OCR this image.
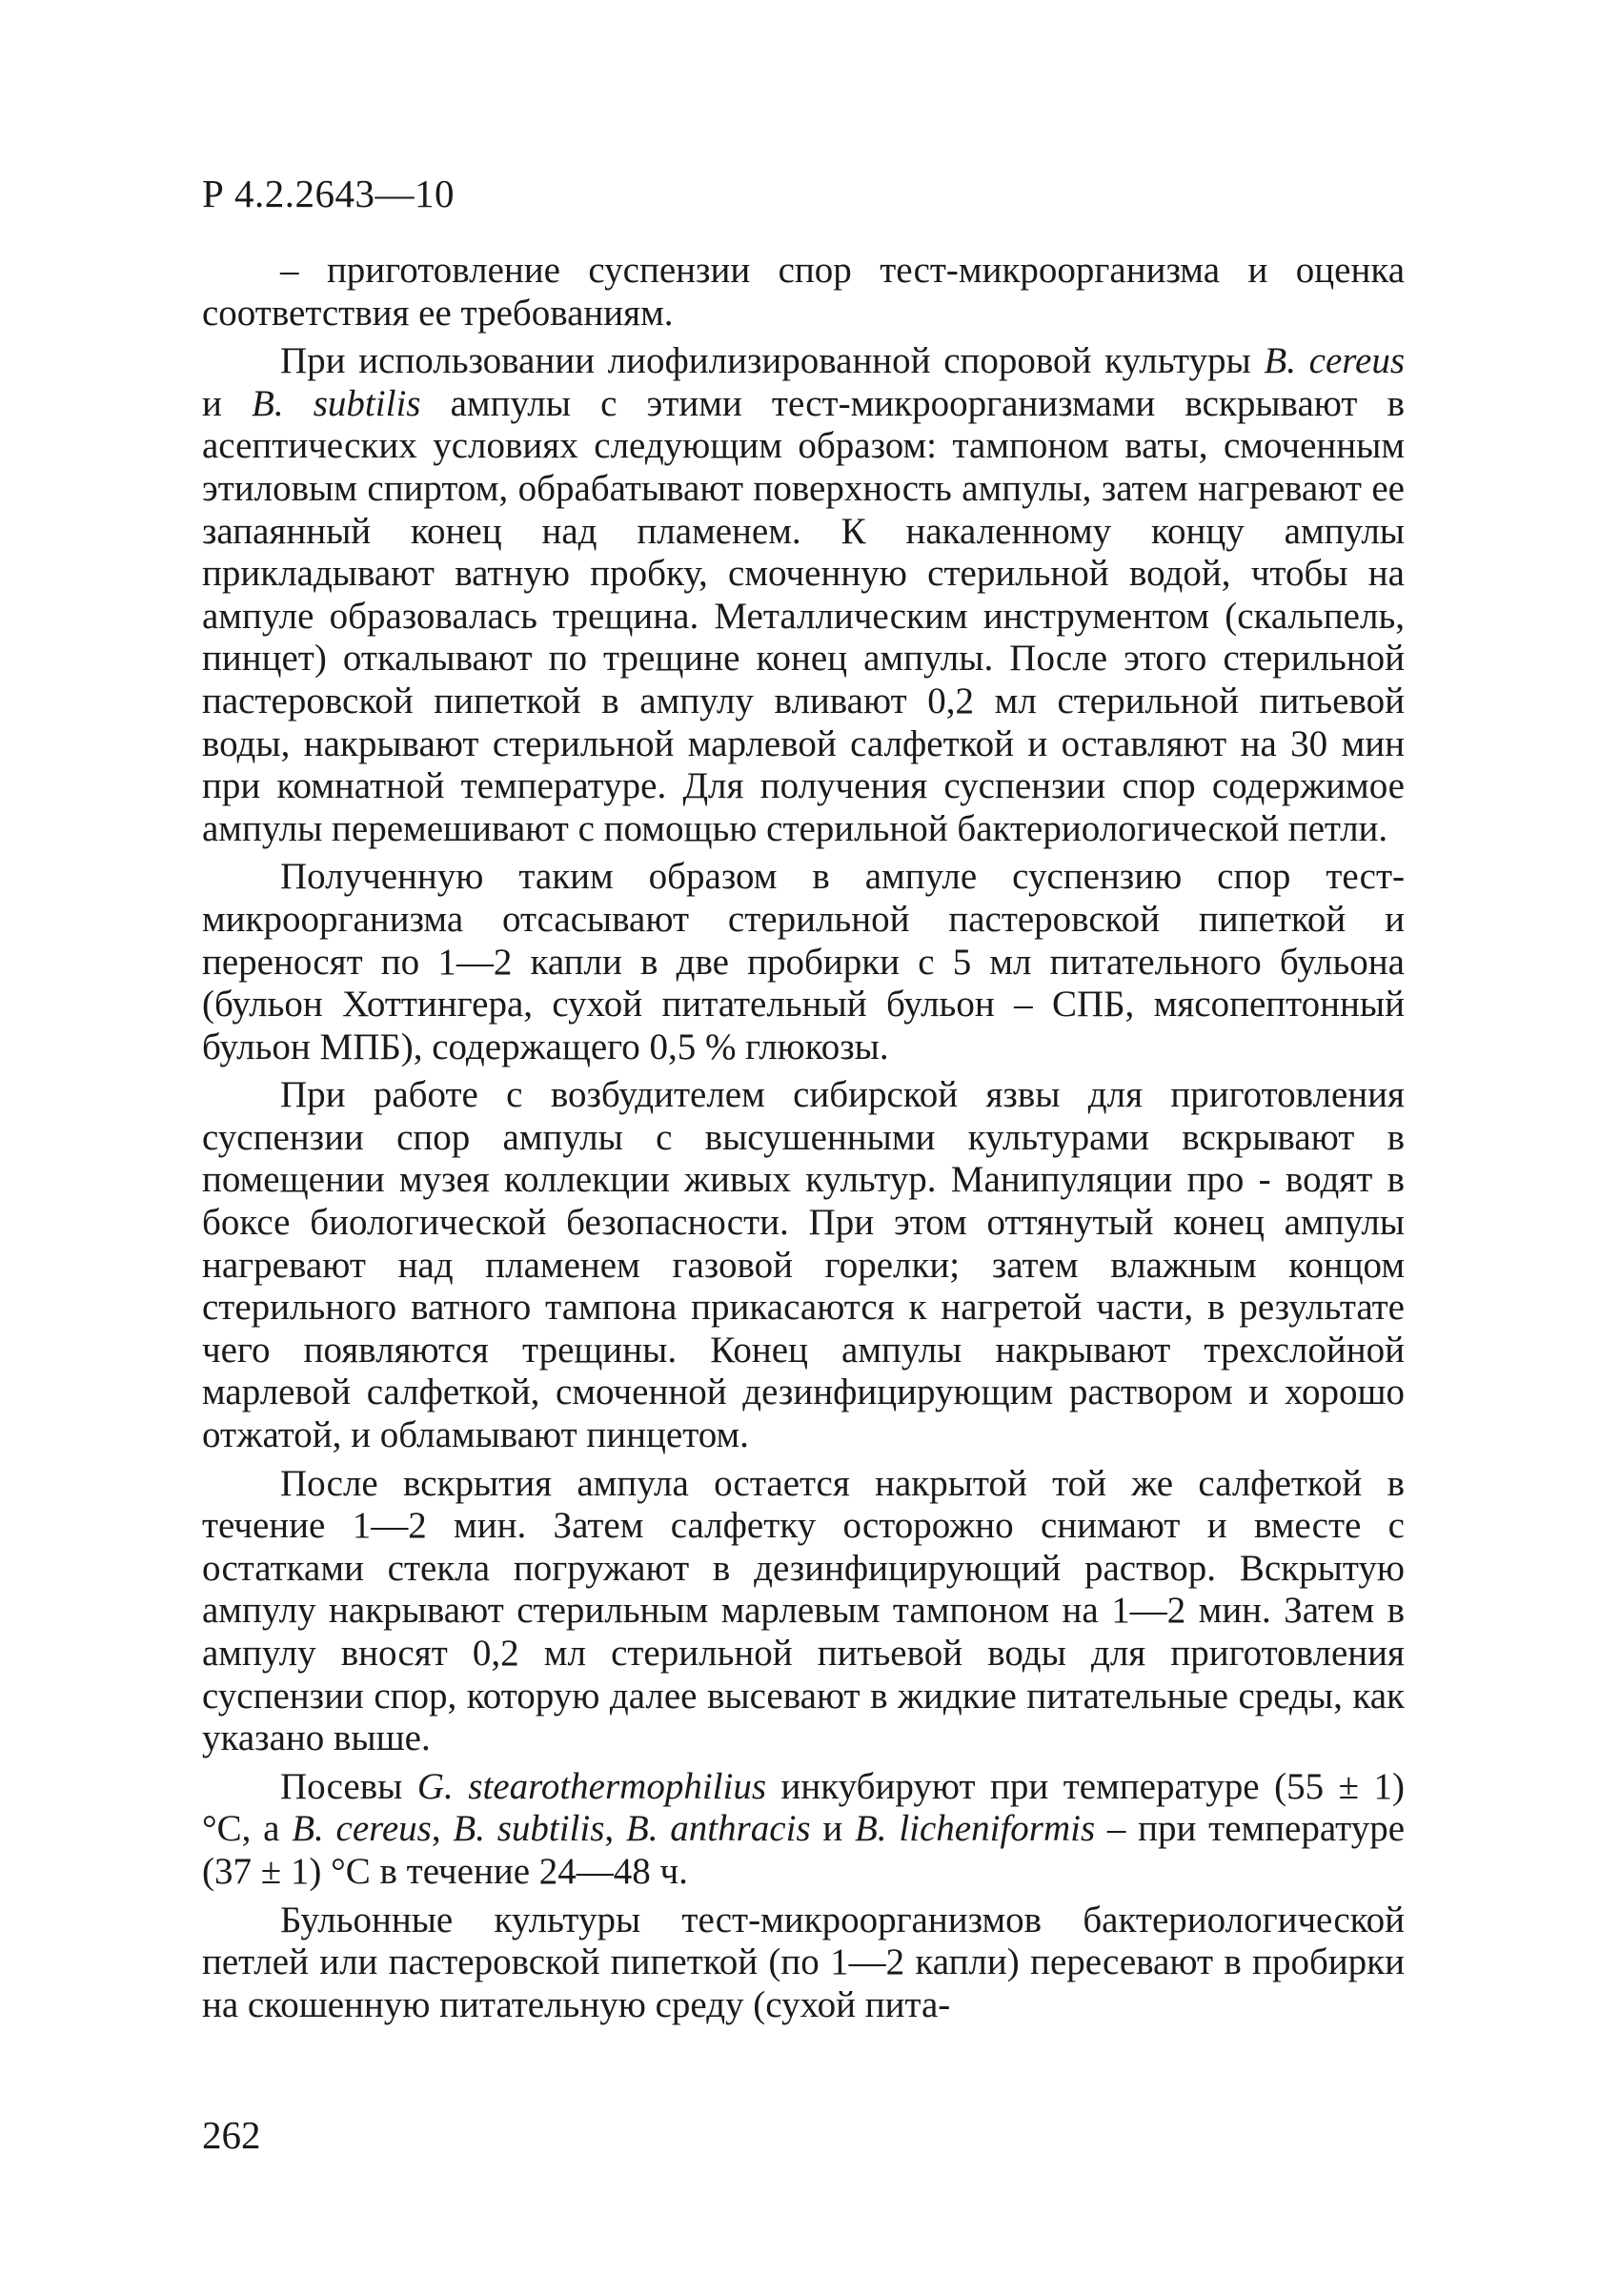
Р 4.2.2643—10

– приготовление суспензии спор тест-микроорганизма и оценка соответствия ее требованиям.

При использовании лиофилизированной споровой культуры B. cereus и B. subtilis ампулы с этими тест-микроорганизмами вскрывают в асептических условиях следующим образом: тампоном ваты, смоченным этиловым спиртом, обрабатывают поверхность ампулы, затем нагревают ее запаянный конец над пламенем. К накаленному концу ампулы прикладывают ватную пробку, смоченную стерильной водой, чтобы на ампуле образовалась трещина. Металлическим инструментом (скальпель, пинцет) откалывают по трещине конец ампулы. После этого стерильной пастеровской пипеткой в ампулу вливают 0,2 мл стерильной питьевой воды, накрывают стерильной марлевой салфеткой и оставляют на 30 мин при комнатной температуре. Для получения суспензии спор содержимое ампулы перемешивают с помощью стерильной бактериологической петли.

Полученную таким образом в ампуле суспензию спор тест-микроорганизма отсасывают стерильной пастеровской пипеткой и переносят по 1—2 капли в две пробирки с 5 мл питательного бульона (бульон Хоттингера, сухой питательный бульон – СПБ, мясопептонный бульон МПБ), содержащего 0,5 % глюкозы.

При работе с возбудителем сибирской язвы для приготовления суспензии спор ампулы с высушенными культурами вскрывают в помещении музея коллекции живых культур. Манипуляции про - водят в боксе биологической безопасности. При этом оттянутый конец ампулы нагревают над пламенем газовой горелки; затем влажным концом стерильного ватного тампона прикасаются к нагретой части, в результате чего появляются трещины. Конец ампулы накрывают трехслойной марлевой салфеткой, смоченной дезинфицирующим раствором и хорошо отжатой, и обламывают пинцетом.

После вскрытия ампула остается накрытой той же салфеткой в течение 1—2 мин. Затем салфетку осторожно снимают и вместе с остатками стекла погружают в дезинфицирующий раствор. Вскрытую ампулу накрывают стерильным марлевым тампоном на 1—2 мин. Затем в ампулу вносят 0,2 мл стерильной питьевой воды для приготовления суспензии спор, которую далее высевают в жидкие питательные среды, как указано выше.

Посевы G. stearothermophilius инкубируют при температуре (55 ± 1) °С, а B. cereus, B. subtilis, B. anthracis и B. licheniformis – при температуре (37 ± 1) °С в течение 24—48 ч.

Бульонные культуры тест-микроорганизмов бактериологической петлей или пастеровской пипеткой (по 1—2 капли) пересевают в пробирки на скошенную питательную среду (сухой пита-

262
